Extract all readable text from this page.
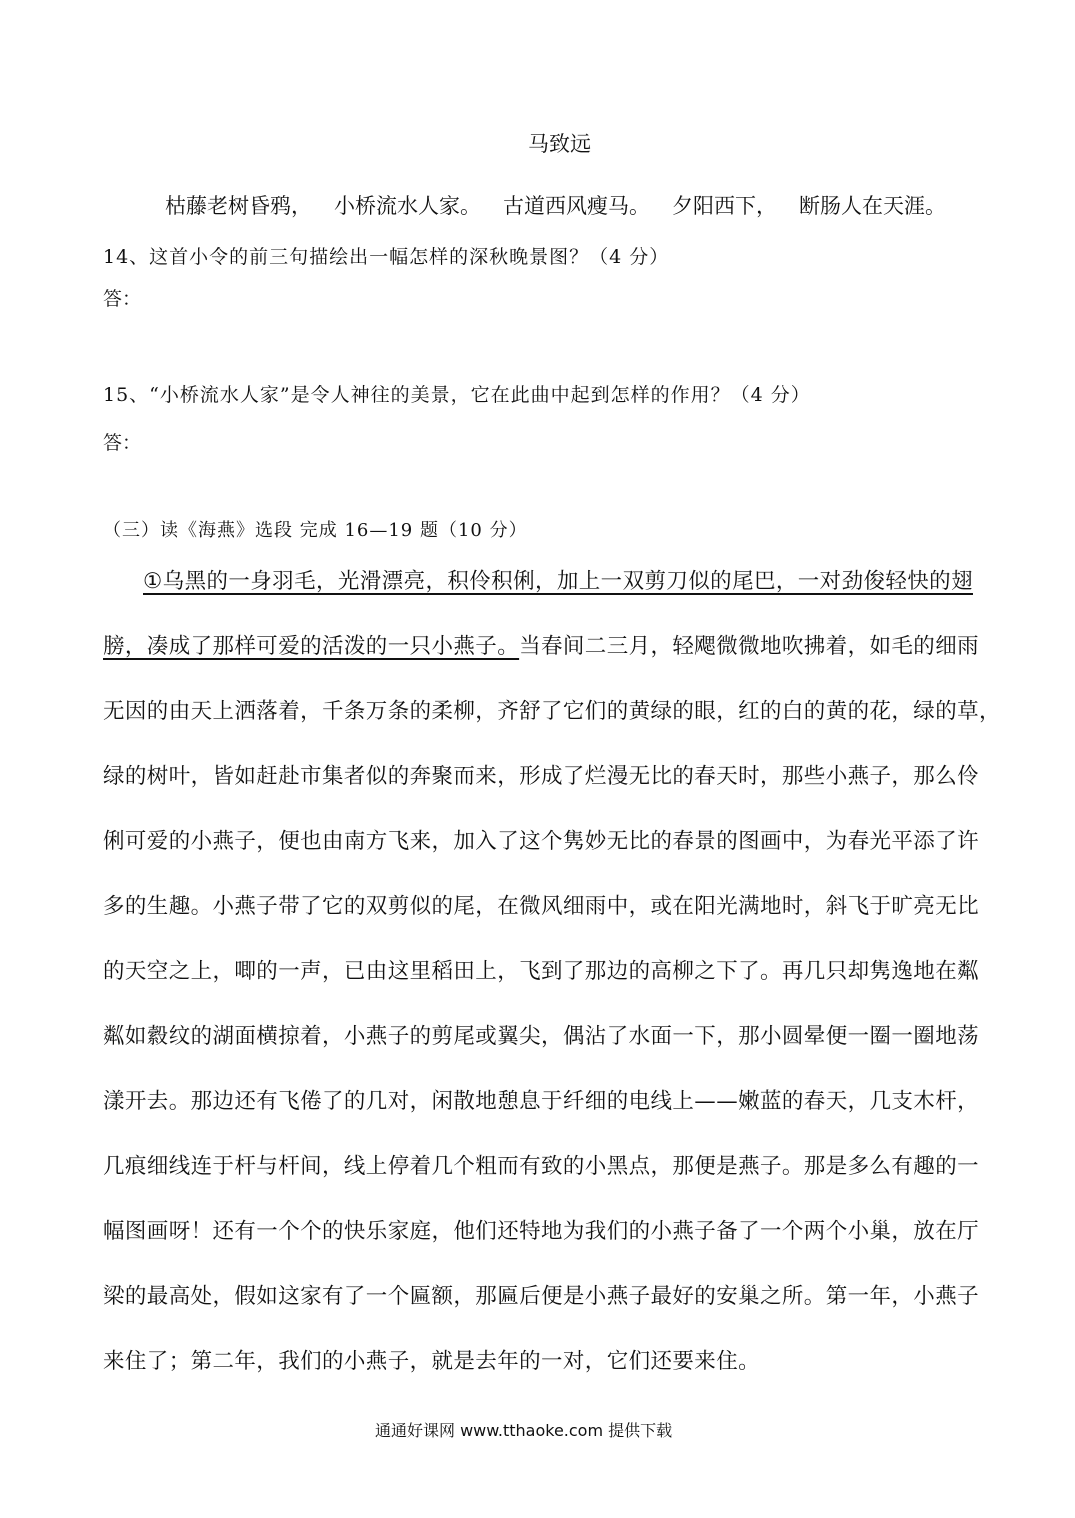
马致远
枯藤老树昏鸦， 小桥流水人家。 古道西风瘦马。 夕阳西下， 断肠人在天涯。
14、这首小令的前三句描绘出一幅怎样的深秋晚景图？（4 分）
答：
15、“小桥流水人家”是令人神往的美景，它在此曲中起到怎样的作用？（4 分）
答：
（三）读《海燕》选段 完成 16—19 题（10 分）
①乌黑的一身羽毛，光滑漂亮，积伶积俐，加上一双剪刀似的尾巴，一对劲俊轻快的翅
膀，凑成了那样可爱的活泼的一只小燕子。当春间二三月，轻飔微微地吹拂着，如毛的细雨
无因的由天上洒落着，千条万条的柔柳，齐舒了它们的黄绿的眼，红的白的黄的花，绿的草，
绿的树叶，皆如赶赴市集者似的奔聚而来，形成了烂漫无比的春天时，那些小燕子，那么伶
俐可爱的小燕子，便也由南方飞来，加入了这个隽妙无比的春景的图画中，为春光平添了许
多的生趣。小燕子带了它的双剪似的尾，在微风细雨中，或在阳光满地时，斜飞于旷亮无比
的天空之上，唧的一声，已由这里稻田上，飞到了那边的高柳之下了。再几只却隽逸地在粼
粼如縠纹的湖面横掠着，小燕子的剪尾或翼尖，偶沾了水面一下，那小圆晕便一圈一圈地荡
漾开去。那边还有飞倦了的几对，闲散地憩息于纤细的电线上——嫩蓝的春天，几支木杆，
几痕细线连于杆与杆间，线上停着几个粗而有致的小黑点，那便是燕子。那是多么有趣的一
幅图画呀！还有一个个的快乐家庭，他们还特地为我们的小燕子备了一个两个小巢，放在厅
梁的最高处，假如这家有了一个匾额，那匾后便是小燕子最好的安巢之所。第一年，小燕子
来住了；第二年，我们的小燕子，就是去年的一对，它们还要来住。
通通好课网 www.tthaoke.com 提供下载
